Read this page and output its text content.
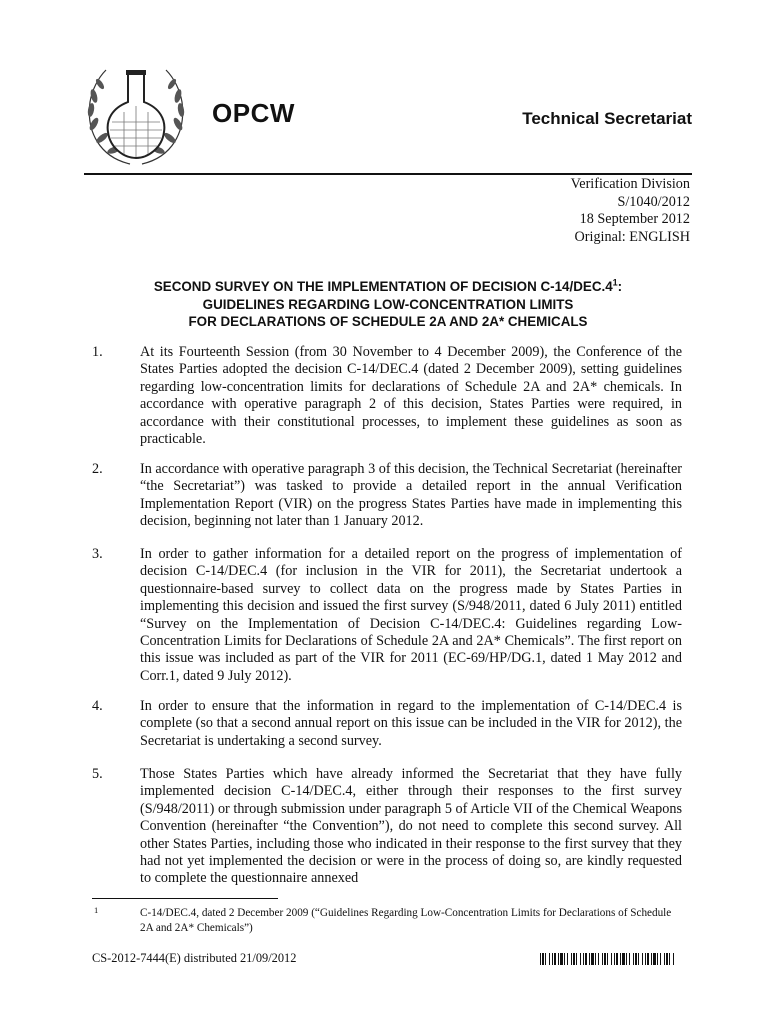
OPCW	Technical Secretariat
Verification Division
S/1040/2012
18 September 2012
Original: ENGLISH
SECOND SURVEY ON THE IMPLEMENTATION OF DECISION $C-14/DEC.4^1$:
GUIDELINES REGARDING LOW-CONCENTRATION LIMITS
FOR DECLARATIONS OF SCHEDULE 2A AND 2A* CHEMICALS
1.	At its Fourteenth Session (from 30 November to 4 December 2009), the Conference of the States Parties adopted the decision C-14/DEC.4 (dated 2 December 2009), setting guidelines regarding low-concentration limits for declarations of Schedule 2A and 2A* chemicals. In accordance with operative paragraph 2 of this decision, States Parties were required, in accordance with their constitutional processes, to implement these guidelines as soon as practicable.
2.	In accordance with operative paragraph 3 of this decision, the Technical Secretariat (hereinafter “the Secretariat”) was tasked to provide a detailed report in the annual Verification Implementation Report (VIR) on the progress States Parties have made in implementing this decision, beginning not later than 1 January 2012.
3.	In order to gather information for a detailed report on the progress of implementation of decision C-14/DEC.4 (for inclusion in the VIR for 2011), the Secretariat undertook a questionnaire-based survey to collect data on the progress made by States Parties in implementing this decision and issued the first survey (S/948/2011, dated 6 July 2011) entitled “Survey on the Implementation of Decision C-14/DEC.4: Guidelines regarding Low-Concentration Limits for Declarations of Schedule 2A and 2A* Chemicals”. The first report on this issue was included as part of the VIR for 2011 (EC-69/HP/DG.1, dated 1 May 2012 and Corr.1, dated 9 July 2012).
4.	In order to ensure that the information in regard to the implementation of C-14/DEC.4 is complete (so that a second annual report on this issue can be included in the VIR for 2012), the Secretariat is undertaking a second survey.
5.	Those States Parties which have already informed the Secretariat that they have fully implemented decision C-14/DEC.4, either through their responses to the first survey (S/948/2011) or through submission under paragraph 5 of Article VII of the Chemical Weapons Convention (hereinafter “the Convention”), do not need to complete this second survey. All other States Parties, including those who indicated in their response to the first survey that they had not yet implemented the decision or were in the process of doing so, are kindly requested to complete the questionnaire annexed
1	C-14/DEC.4, dated 2 December 2009 (“Guidelines Regarding Low-Concentration Limits for Declarations of Schedule 2A and 2A* Chemicals”)
CS-2012-7444(E) distributed 21/09/2012
